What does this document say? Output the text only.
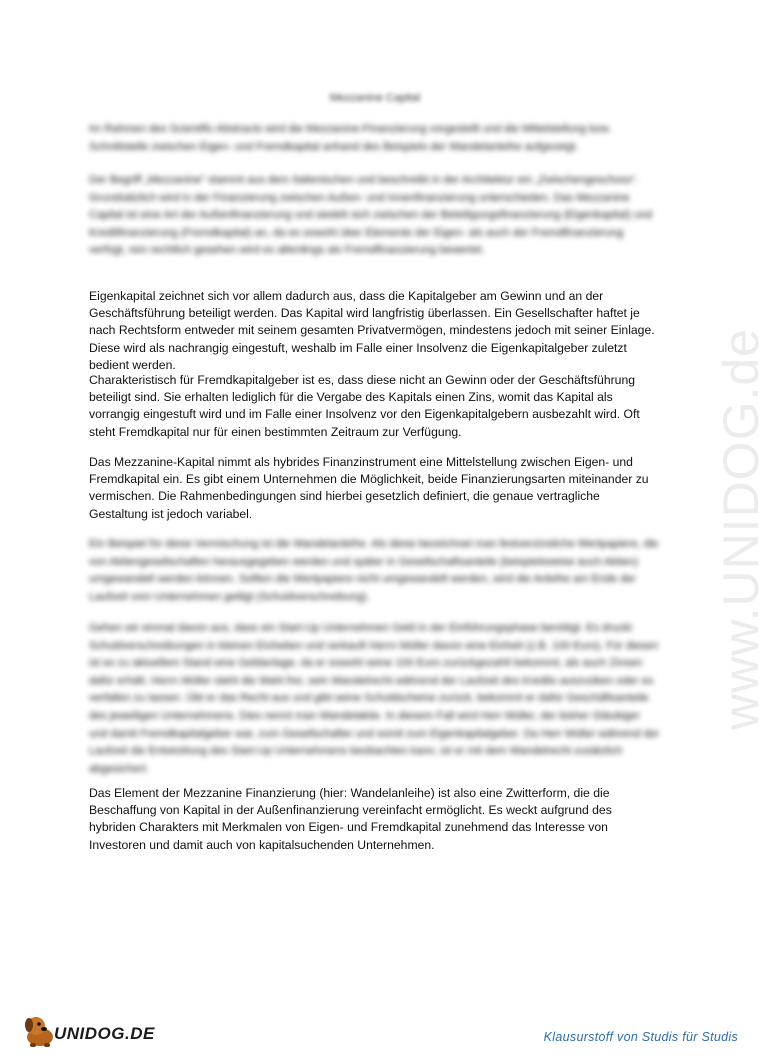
www.UNIDOG.de
Mezzanine Capital

Im Rahmen des Scientific Abstracts wird die Mezzanine-Finanzierung vorgestellt und die Mittelstellung bzw. Schnittstelle zwischen Eigen- und Fremdkapital anhand des Beispiels der Wandelanleihe aufgezeigt.

Der Begriff „Mezzanine“ stammt aus dem Italienischen und beschreibt in der Architektur ein „Zwischengeschoss“. Grundsätzlich wird in der Finanzierung zwischen Außen- und Innenfinanzierung unterschieden. Das Mezzanine Capital ist eine Art der Außenfinanzierung und siedelt sich zwischen der Beteiligungsfinanzierung (Eigenkapital) und Kreditfinanzierung (Fremdkapital) an, da es sowohl über Elemente der Eigen- als auch der Fremdfinanzierung verfügt, rein rechtlich gesehen wird es allerdings als Fremdfinanzierung bewertet.

Eigenkapital zeichnet sich vor allem dadurch aus, dass die Kapitalgeber am Gewinn und an der Geschäftsführung beteiligt werden. Das Kapital wird langfristig überlassen. Ein Gesellschafter haftet je nach Rechtsform entweder mit seinem gesamten Privatvermögen, mindestens jedoch mit seiner Einlage. Diese wird als nachrangig eingestuft, weshalb im Falle einer Insolvenz die Eigenkapitalgeber zuletzt bedient werden.

Charakteristisch für Fremdkapitalgeber ist es, dass diese nicht an Gewinn oder der Geschäftsführung beteiligt sind. Sie erhalten lediglich für die Vergabe des Kapitals einen Zins, womit das Kapital als vorrangig eingestuft wird und im Falle einer Insolvenz vor den Eigenkapitalgebern ausbezahlt wird. Oft steht Fremdkapital nur für einen bestimmten Zeitraum zur Verfügung.

Das Mezzanine-Kapital nimmt als hybrides Finanzinstrument eine Mittelstellung zwischen Eigen- und Fremdkapital ein. Es gibt einem Unternehmen die Möglichkeit, beide Finanzierungsarten miteinander zu vermischen. Die Rahmenbedingungen sind hierbei gesetzlich definiert, die genaue vertragliche Gestaltung ist jedoch variabel.

Ein Beispiel für diese Vermischung ist die Wandelanleihe. Als diese bezeichnet man festverzinsliche Wertpapiere, die von Aktiengesellschaften herausgegeben werden und später in Gesellschaftsanteile (beispielsweise auch Aktien) umgewandelt werden können. Sollten die Wertpapiere nicht umgewandelt werden, wird die Anleihe am Ende der Laufzeit vom Unternehmen getilgt (Schuldverschreibung).

Gehen wir einmal davon aus, dass ein Start-Up Unternehmen Geld in der Einführungsphase benötigt. Es druckt Schuldverschreibungen in kleinen Einheiten und verkauft Herrn Müller davon eine Einheit (z.B. 100 Euro). Für diesen ist es zu aktuellem Stand eine Geldanlage, da er sowohl seine 100 Euro zurückgezahlt bekommt, als auch Zinsen dafür erhält. Herrn Müller steht die Wahl frei, sein Wandelrecht während der Laufzeit des Kredits auszuüben oder es verfallen zu lassen. Übt er das Recht aus und gibt seine Schuldscheine zurück, bekommt er dafür Geschäftsanteile des jeweiligen Unternehmens. Dies nennt man Wandelaktie. In diesem Fall wird Herr Müller, der bisher Gläubiger und damit Fremdkapitalgeber war, zum Gesellschafter und somit zum Eigenkapitalgeber. Da Herr Müller während der Laufzeit die Entwicklung des Start-Up Unternehmens beobachten kann, ist er mit dem Wandelrecht zusätzlich abgesichert.

Das Element der Mezzanine Finanzierung (hier: Wandelanleihe) ist also eine Zwitterform, die die Beschaffung von Kapital in der Außenfinanzierung vereinfacht ermöglicht. Es weckt aufgrund des hybriden Charakters mit Merkmalen von Eigen- und Fremdkapital zunehmend das Interesse von Investoren und damit auch von kapitalsuchenden Unternehmen.

UNIDOG.DE	Klausurstoff von Studis für Studis
